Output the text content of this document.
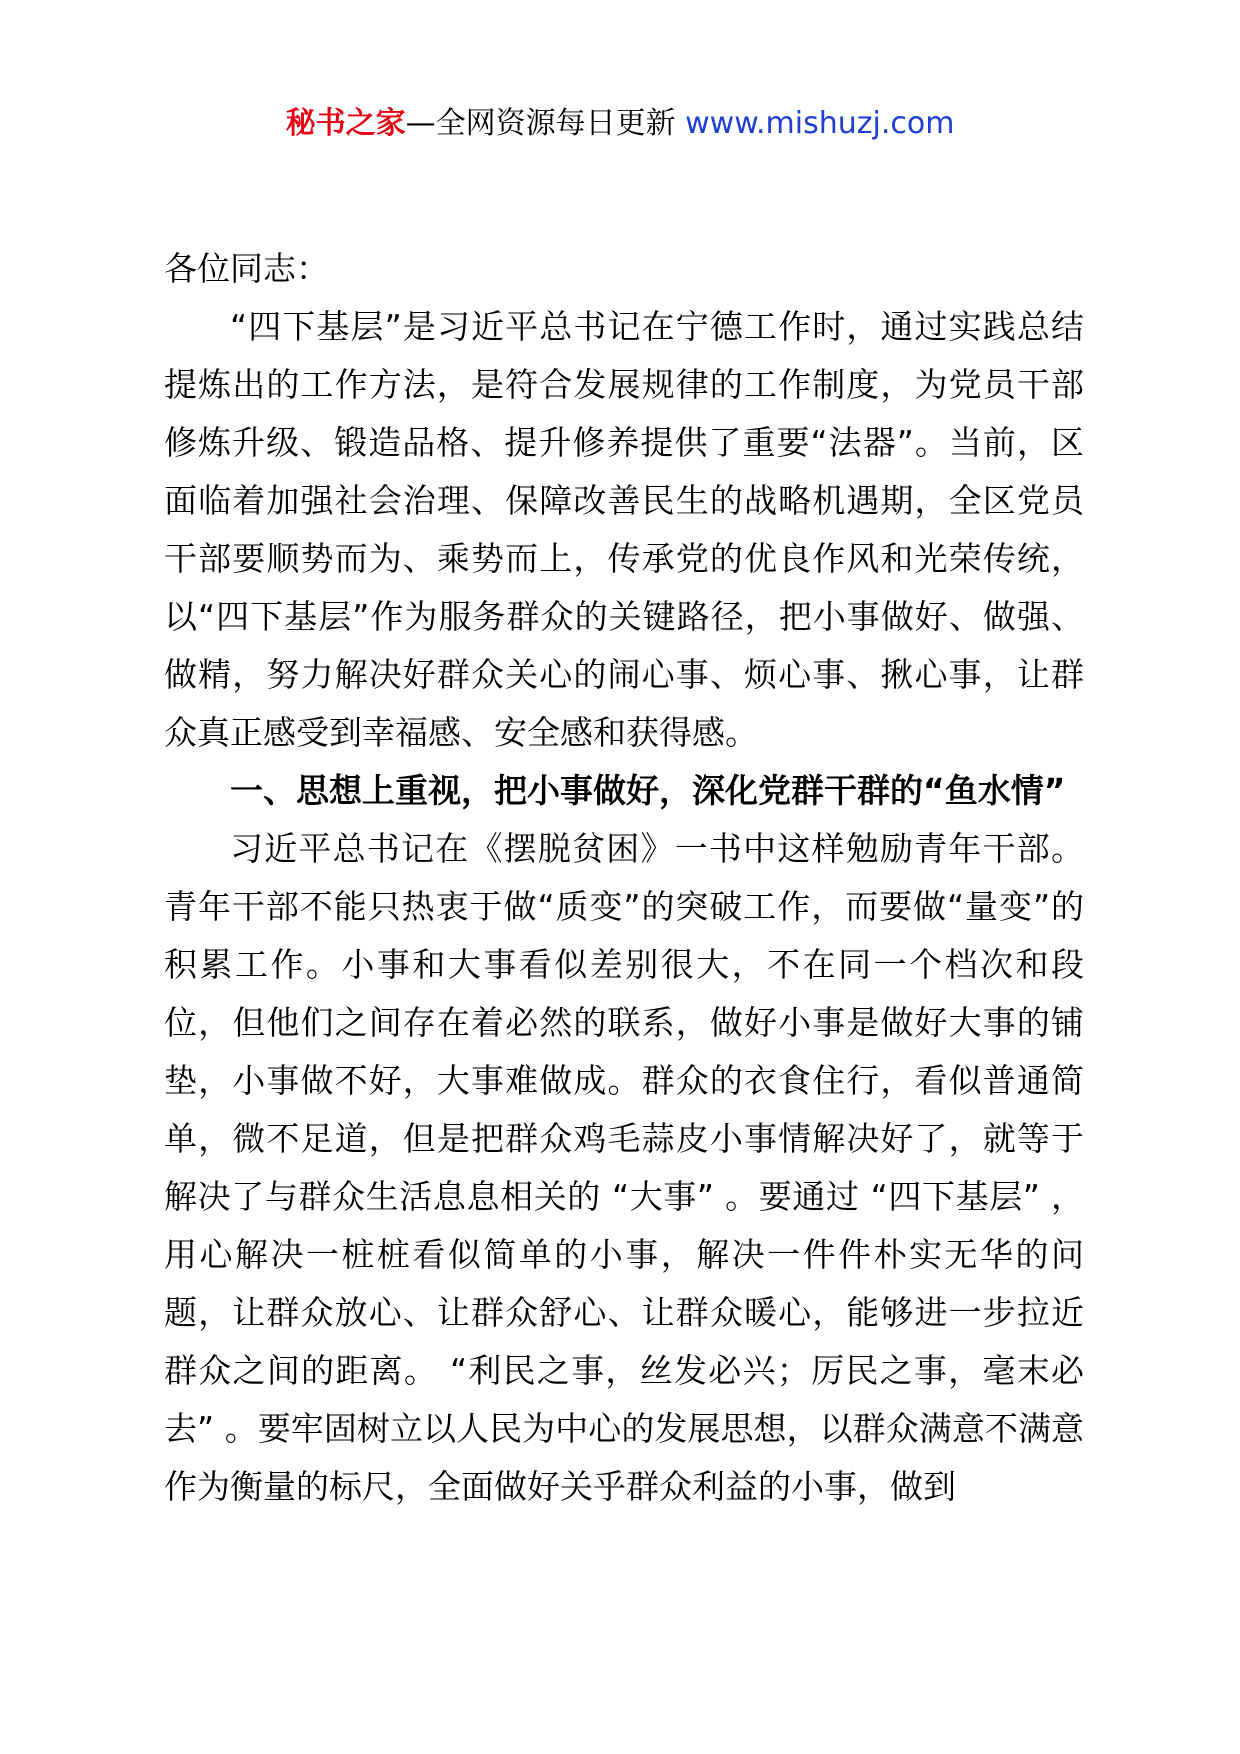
秘书之家—全网资源每日更新 www.mishuzj.com

各位同志：

“四下基层”是习近平总书记在宁德工作时，通过实践总结提炼出的工作方法，是符合发展规律的工作制度，为党员干部修炼升级、锻造品格、提升修养提供了重要“法器”。当前，区面临着加强社会治理、保障改善民生的战略机遇期，全区党员干部要顺势而为、乘势而上，传承党的优良作风和光荣传统，以“四下基层”作为服务群众的关键路径，把小事做好、做强、做精，努力解决好群众关心的闹心事、烦心事、揪心事，让群众真正感受到幸福感、安全感和获得感。

一、思想上重视，把小事做好，深化党群干群的“鱼水情”

习近平总书记在《摆脱贫困》一书中这样勉励青年干部。青年干部不能只热衷于做“质变”的突破工作，而要做“量变”的积累工作。小事和大事看似差别很大，不在同一个档次和段位，但他们之间存在着必然的联系，做好小事是做好大事的铺垫，小事做不好，大事难做成。群众的衣食住行，看似普通简单，微不足道，但是把群众鸡毛蒜皮小事情解决好了，就等于解决了与群众生活息息相关的 “大事” 。要通过 “四下基层” ，用心解决一桩桩看似简单的小事，解决一件件朴实无华的问题，让群众放心、让群众舒心、让群众暖心，能够进一步拉近群众之间的距离。 “利民之事，丝发必兴；厉民之事，毫末必去” 。要牢固树立以人民为中心的发展思想，以群众满意不满意作为衡量的标尺，全面做好关乎群众利益的小事，做到
